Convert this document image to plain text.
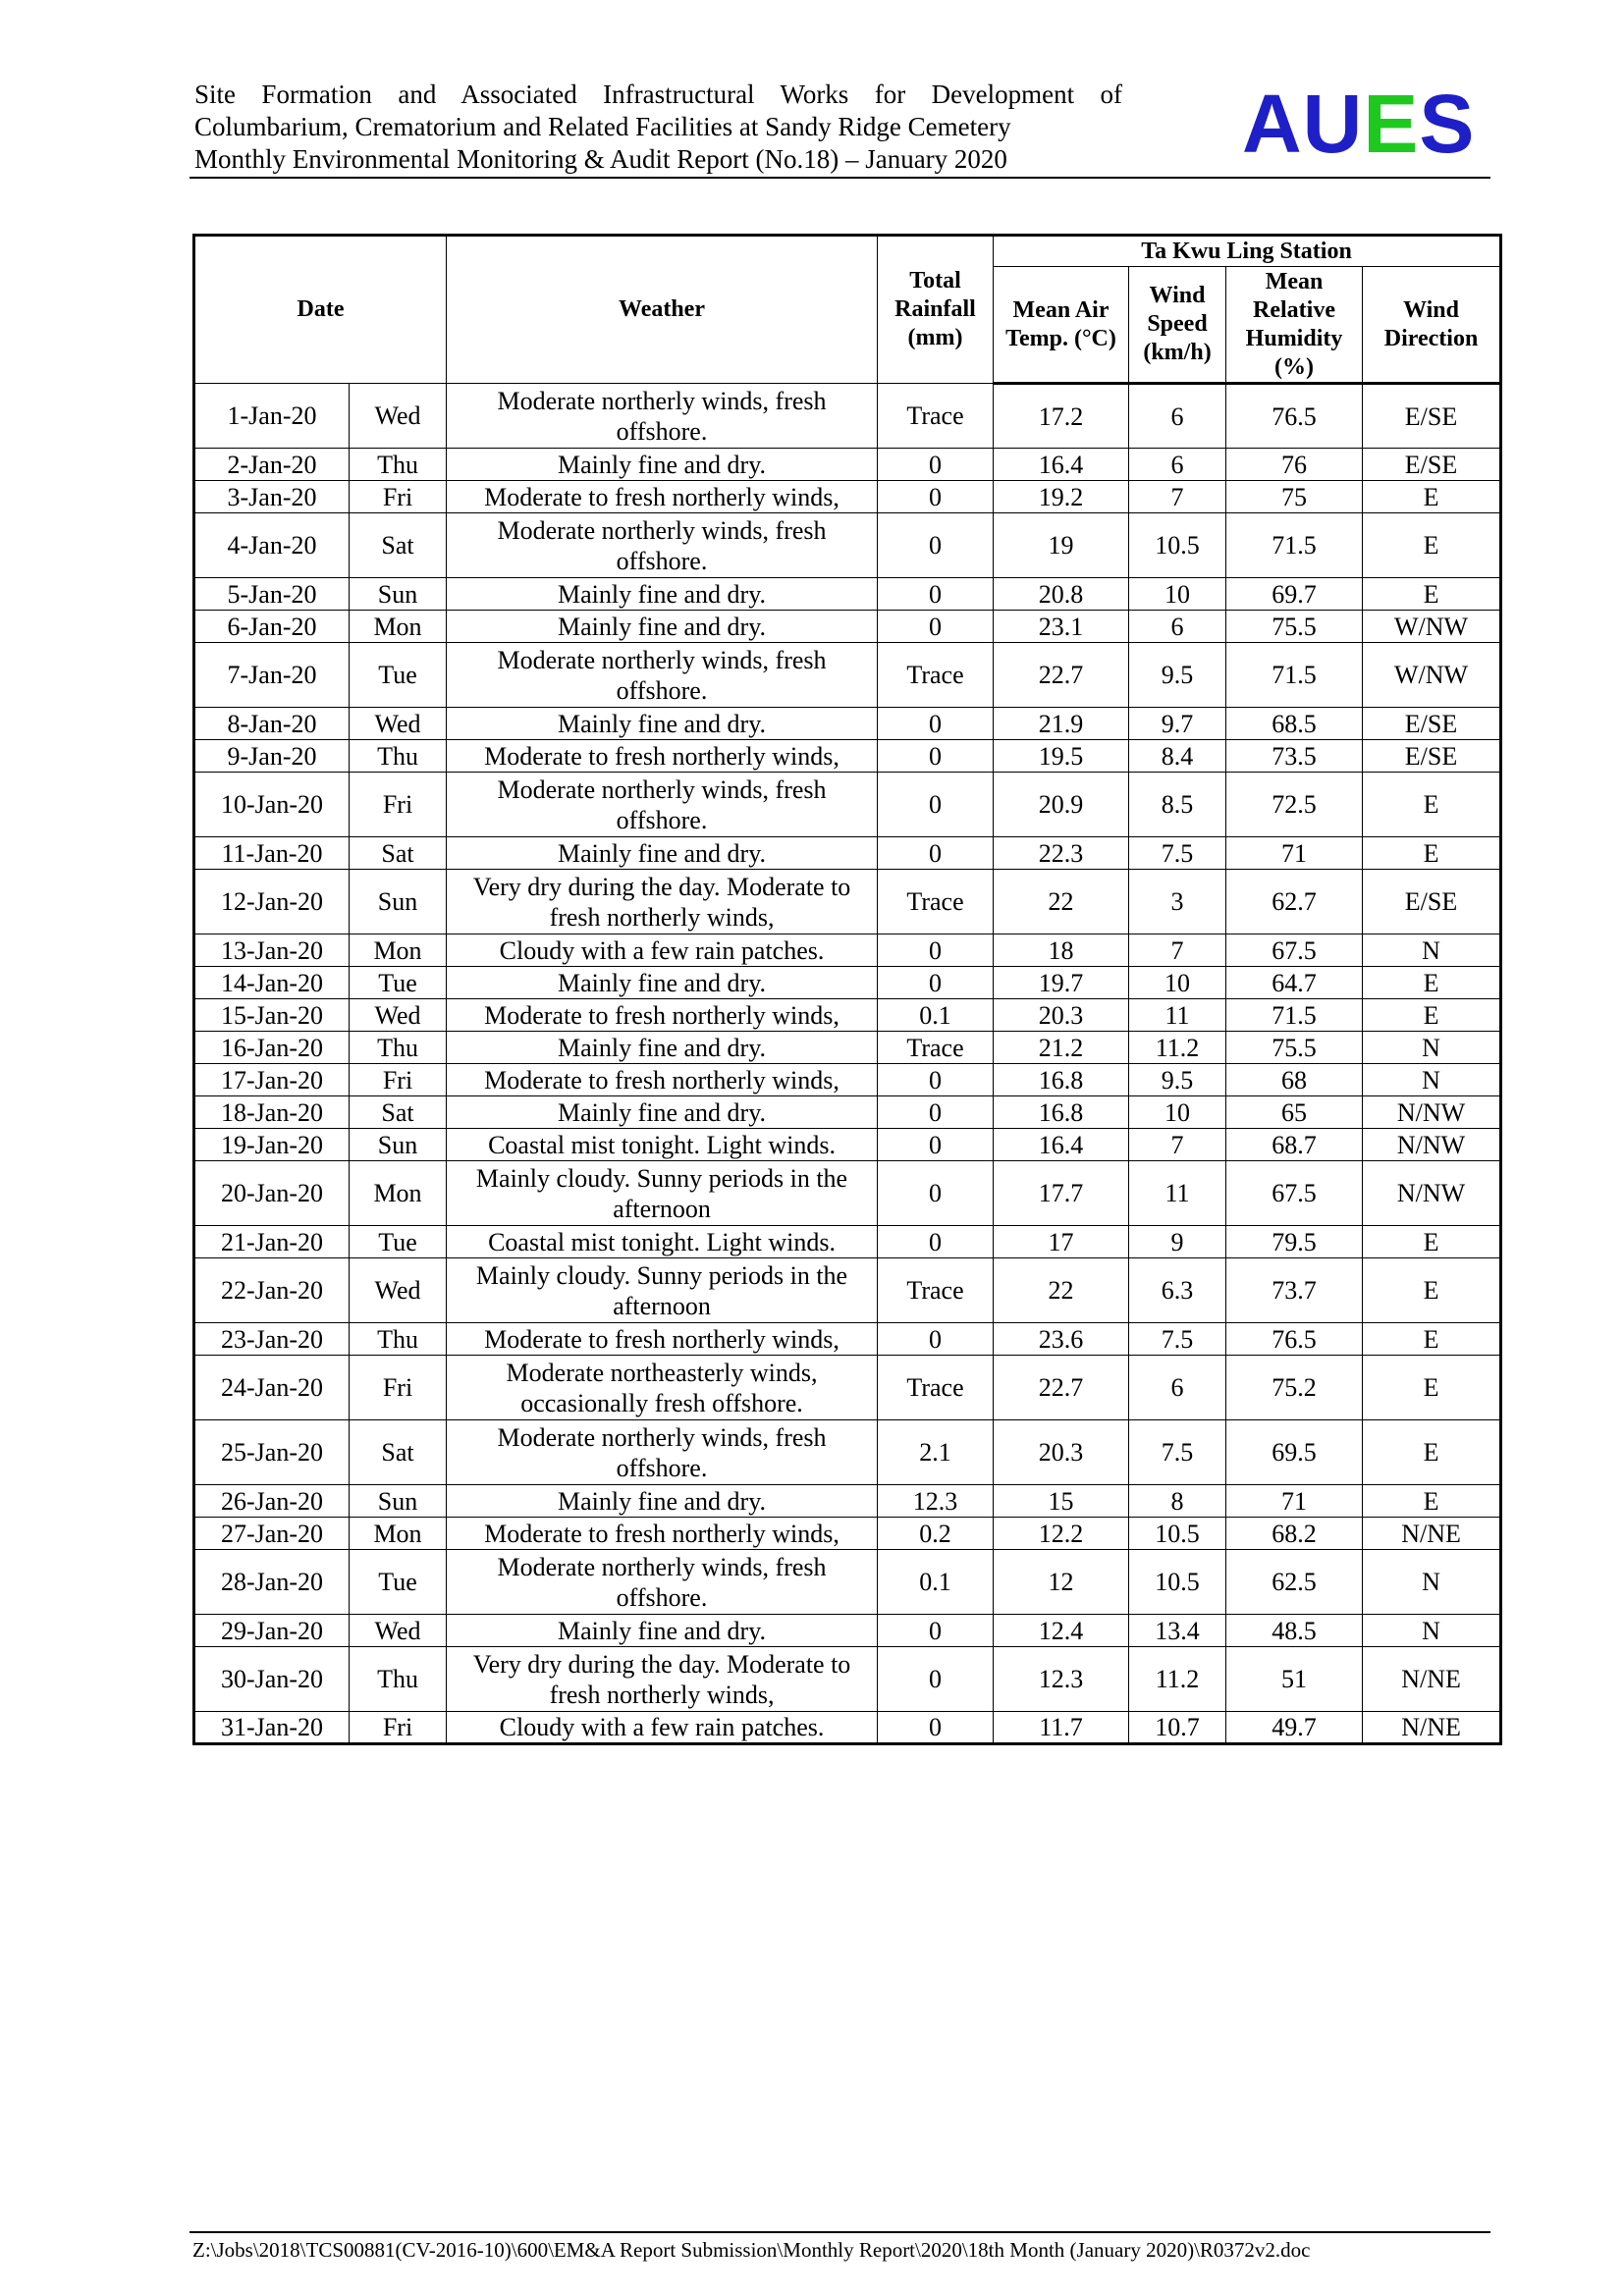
Site Formation and Associated Infrastructural Works for Development of
Columbarium, Crematorium and Related Facilities at Sandy Ridge Cemetery
Monthly Environmental Monitoring & Audit Report (No.18) – January 2020	AUES
Date		Weather	Total Rainfall (mm)	Ta Kwu Ling Station			
				Mean Air Temp. (°C)	Wind Speed (km/h)	Mean Relative Humidity (%)	Wind Direction
1-Jan-20	Wed	Moderate northerly winds, fresh offshore.	Trace	17.2	6	76.5	E/SE
2-Jan-20	Thu	Mainly fine and dry.	0	16.4	6	76	E/SE
3-Jan-20	Fri	Moderate to fresh northerly winds,	0	19.2	7	75	E
4-Jan-20	Sat	Moderate northerly winds, fresh offshore.	0	19	10.5	71.5	E
5-Jan-20	Sun	Mainly fine and dry.	0	20.8	10	69.7	E
6-Jan-20	Mon	Mainly fine and dry.	0	23.1	6	75.5	W/NW
7-Jan-20	Tue	Moderate northerly winds, fresh offshore.	Trace	22.7	9.5	71.5	W/NW
8-Jan-20	Wed	Mainly fine and dry.	0	21.9	9.7	68.5	E/SE
9-Jan-20	Thu	Moderate to fresh northerly winds,	0	19.5	8.4	73.5	E/SE
10-Jan-20	Fri	Moderate northerly winds, fresh offshore.	0	20.9	8.5	72.5	E
11-Jan-20	Sat	Mainly fine and dry.	0	22.3	7.5	71	E
12-Jan-20	Sun	Very dry during the day. Moderate to fresh northerly winds,	Trace	22	3	62.7	E/SE
13-Jan-20	Mon	Cloudy with a few rain patches.	0	18	7	67.5	N
14-Jan-20	Tue	Mainly fine and dry.	0	19.7	10	64.7	E
15-Jan-20	Wed	Moderate to fresh northerly winds,	0.1	20.3	11	71.5	E
16-Jan-20	Thu	Mainly fine and dry.	Trace	21.2	11.2	75.5	N
17-Jan-20	Fri	Moderate to fresh northerly winds,	0	16.8	9.5	68	N
18-Jan-20	Sat	Mainly fine and dry.	0	16.8	10	65	N/NW
19-Jan-20	Sun	Coastal mist tonight. Light winds.	0	16.4	7	68.7	N/NW
20-Jan-20	Mon	Mainly cloudy. Sunny periods in the afternoon	0	17.7	11	67.5	N/NW
21-Jan-20	Tue	Coastal mist tonight. Light winds.	0	17	9	79.5	E
22-Jan-20	Wed	Mainly cloudy. Sunny periods in the afternoon	Trace	22	6.3	73.7	E
23-Jan-20	Thu	Moderate to fresh northerly winds,	0	23.6	7.5	76.5	E
24-Jan-20	Fri	Moderate northeasterly winds, occasionally fresh offshore.	Trace	22.7	6	75.2	E
25-Jan-20	Sat	Moderate northerly winds, fresh offshore.	2.1	20.3	7.5	69.5	E
26-Jan-20	Sun	Mainly fine and dry.	12.3	15	8	71	E
27-Jan-20	Mon	Moderate to fresh northerly winds,	0.2	12.2	10.5	68.2	N/NE
28-Jan-20	Tue	Moderate northerly winds, fresh offshore.	0.1	12	10.5	62.5	N
29-Jan-20	Wed	Mainly fine and dry.	0	12.4	13.4	48.5	N
30-Jan-20	Thu	Very dry during the day. Moderate to fresh northerly winds,	0	12.3	11.2	51	N/NE
31-Jan-20	Fri	Cloudy with a few rain patches.	0	11.7	10.7	49.7	N/NE
Z:\Jobs\2018\TCS00881(CV-2016-10)\600\EM&A Report Submission\Monthly Report\2020\18th Month (January 2020)\R0372v2.doc
